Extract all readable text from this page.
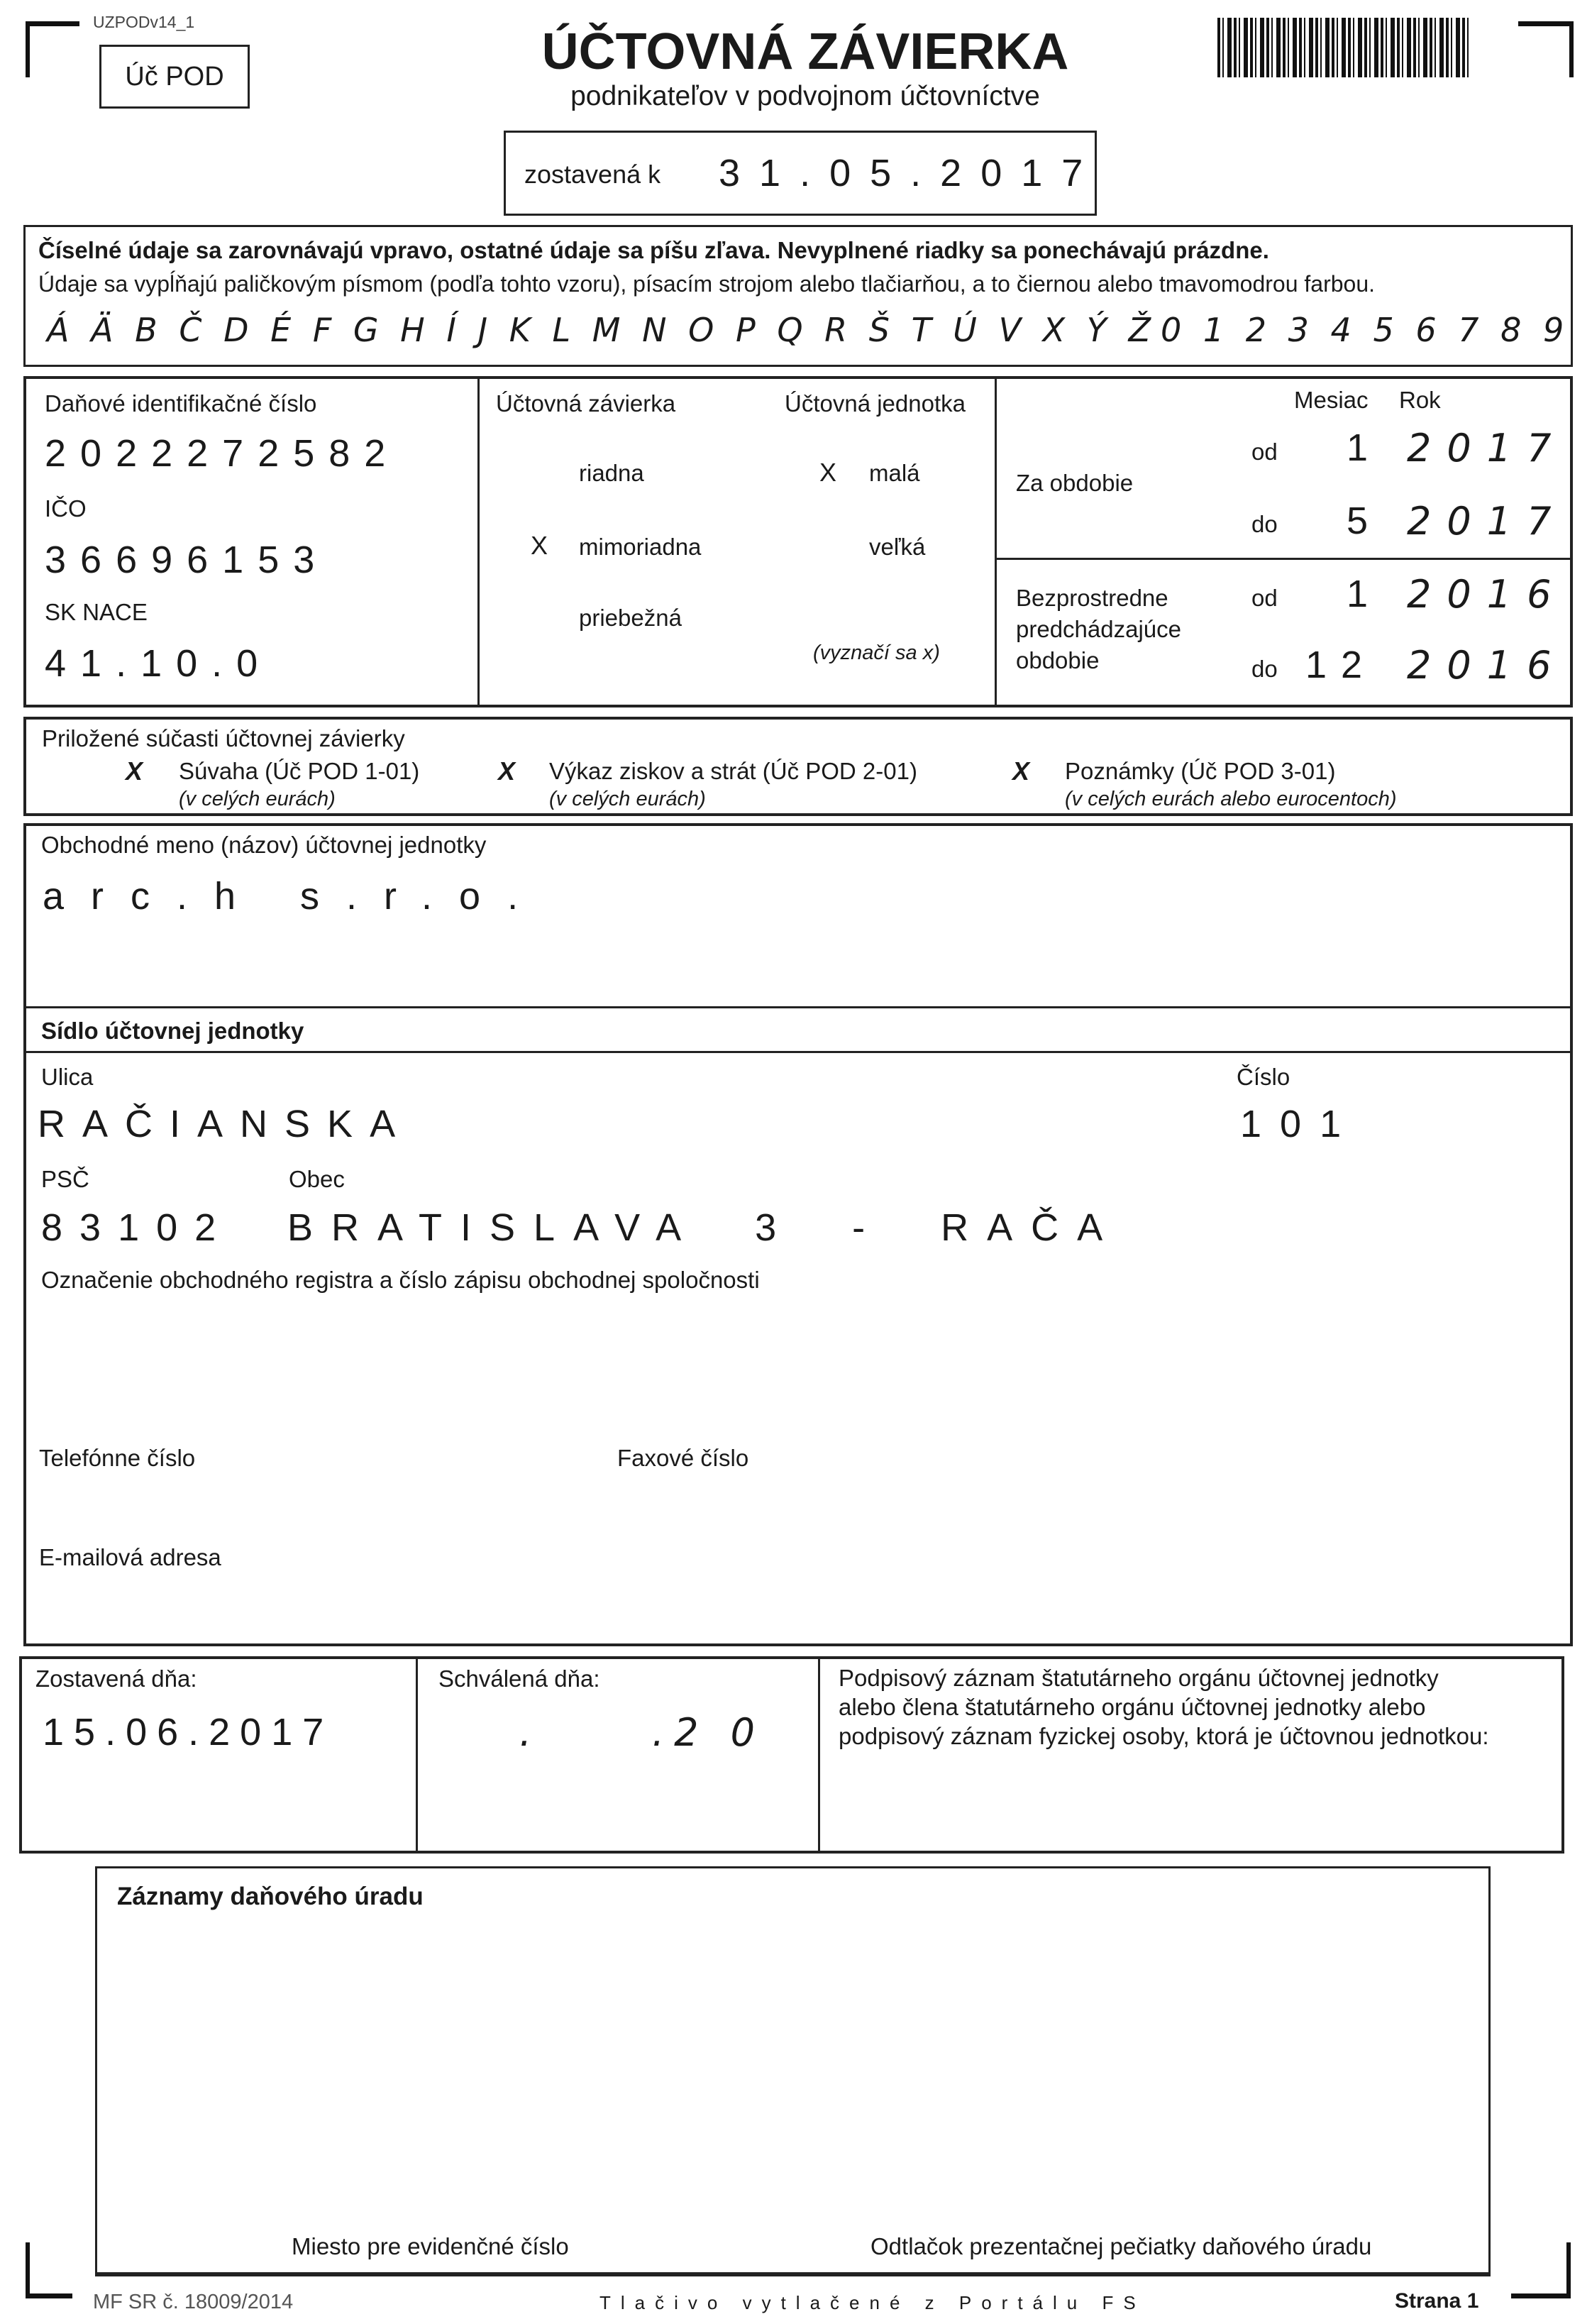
UZPODv14_1
Úč POD	ÚČTOVNÁ ZÁVIERKA
podnikateľov v podvojnom účtovníctve
zostavená k 3 1 . 0 5 . 2 0 1 7
Číselné údaje sa zarovnávajú vpravo, ostatné údaje sa píšu zľava. Nevyplnené riadky sa ponechávajú prázdne.
Údaje sa vypĺňajú paličkovým písmom (podľa tohto vzoru), písacím strojom alebo tlačiarňou, a to čiernou alebo tmavomodrou farbou.
Á Ä B Č D É F G H Í J K L M N O P Q R Š T Ú V X Ý Ž 0 1 2 3 4 5 6 7 8 9
Daňové identifikačné číslo
2022272582
IČO
36696153
SK NACE
41.10.0
Účtovná závierka	Účtovná jednotka
riadna
X mimoriadna
priebežná
X malá
veľká
(vyznačí sa x)
Mesiac Rok
Za obdobie
od 1 2017
do 5 2017
Bezprostredne
predchádzajúce
obdobie
od 1 2016
do 12 2016
Priložené súčasti účtovnej závierky
X Súvaha (Úč POD 1-01)
(v celých eurách)
X Výkaz ziskov a strát (Úč POD 2-01)
(v celých eurách)
X Poznámky (Úč POD 3-01)
(v celých eurách alebo eurocentoch)
Obchodné meno (názov) účtovnej jednotky
arc.h s.r.o.
Sídlo účtovnej jednotky
Ulica
RAČIANSKA
Číslo
101
PSČ
83102
Obec
BRATISLAVA 3 - RAČA
Označenie obchodného registra a číslo zápisu obchodnej spoločnosti
Telefónne číslo	Faxové číslo
E-mailová adresa
Zostavená dňa:
15.06.2017
Schválená dňa:
.     .2 0
Podpisový záznam štatutárneho orgánu účtovnej jednotky
alebo člena štatutárneho orgánu účtovnej jednotky alebo
podpisový záznam fyzickej osoby, ktorá je účtovnou jednotkou:
Záznamy daňového úradu
Miesto pre evidenčné číslo	Odtlačok prezentačnej pečiatky daňového úradu
MF SR č. 18009/2014	Tlačivo vytlačené z Portálu FS	Strana 1
